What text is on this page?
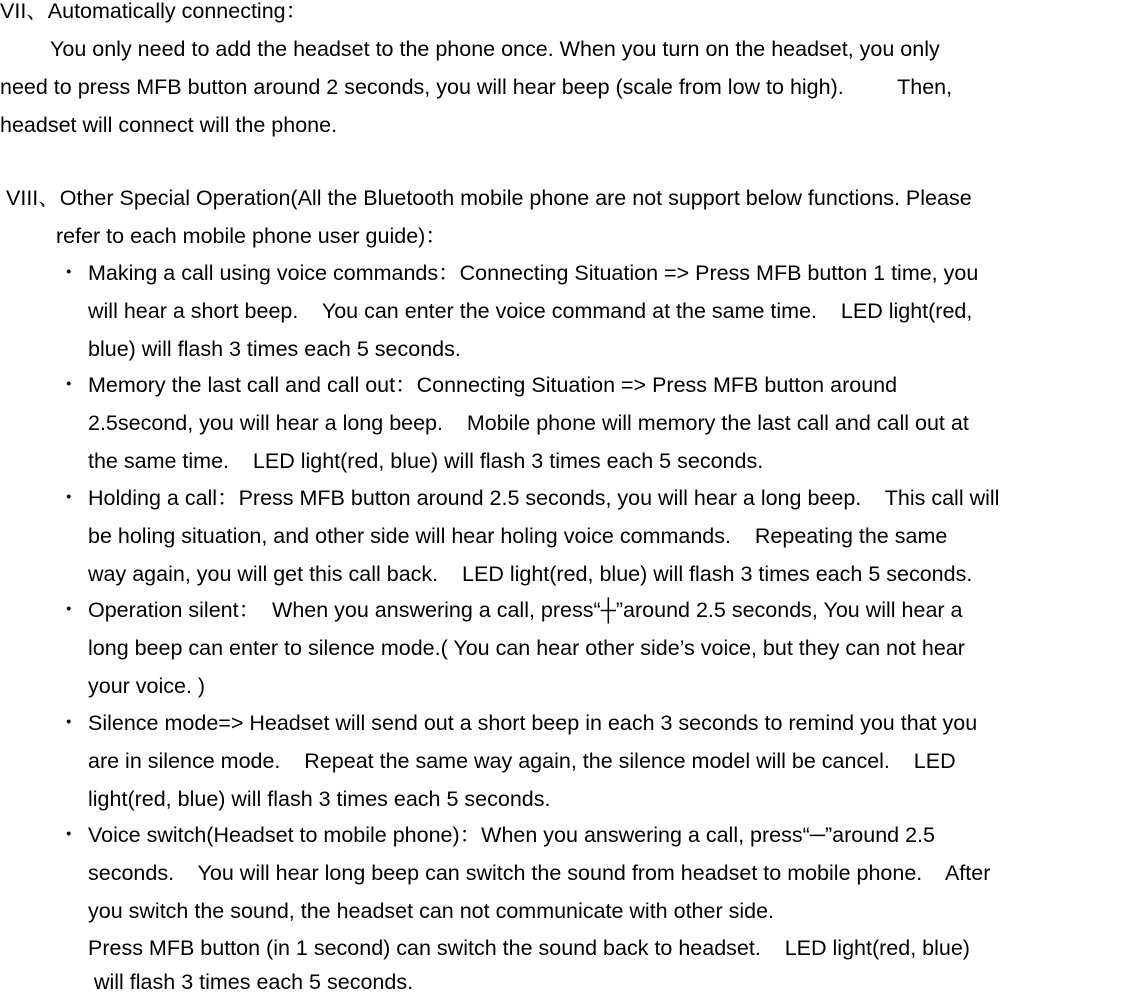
VII、Automatically connecting：
You only need to add the headset to the phone once. When you turn on the headset, you only
need to press MFB button around 2 seconds, you will hear beep (scale from low to high).         Then,
headset will connect will the phone.
VIII、Other Special Operation(All the Bluetooth mobile phone are not support below functions. Please
refer to each mobile phone user guide)：
・ Making a call using voice commands：Connecting Situation => Press MFB button 1 time, you
will hear a short beep.    You can enter the voice command at the same time.    LED light(red,
blue) will flash 3 times each 5 seconds.
・ Memory the last call and call out：Connecting Situation => Press MFB button around
2.5second, you will hear a long beep.    Mobile phone will memory the last call and call out at
the same time.    LED light(red, blue) will flash 3 times each 5 seconds.
・ Holding a call：Press MFB button around 2.5 seconds, you will hear a long beep.    This call will
be holing situation, and other side will hear holing voice commands.    Repeating the same
way again, you will get this call back.    LED light(red, blue) will flash 3 times each 5 seconds.
・ Operation silent：  When you answering a call, press“┼”around 2.5 seconds, You will hear a
long beep can enter to silence mode.( You can hear other side’s voice, but they can not hear
your voice. )
・ Silence mode=> Headset will send out a short beep in each 3 seconds to remind you that you
are in silence mode.    Repeat the same way again, the silence model will be cancel.    LED
light(red, blue) will flash 3 times each 5 seconds.
・ Voice switch(Headset to mobile phone)：When you answering a call, press“─”around 2.5
seconds.    You will hear long beep can switch the sound from headset to mobile phone.    After
you switch the sound, the headset can not communicate with other side.
Press MFB button (in 1 second) can switch the sound back to headset.    LED light(red, blue)
will flash 3 times each 5 seconds.
